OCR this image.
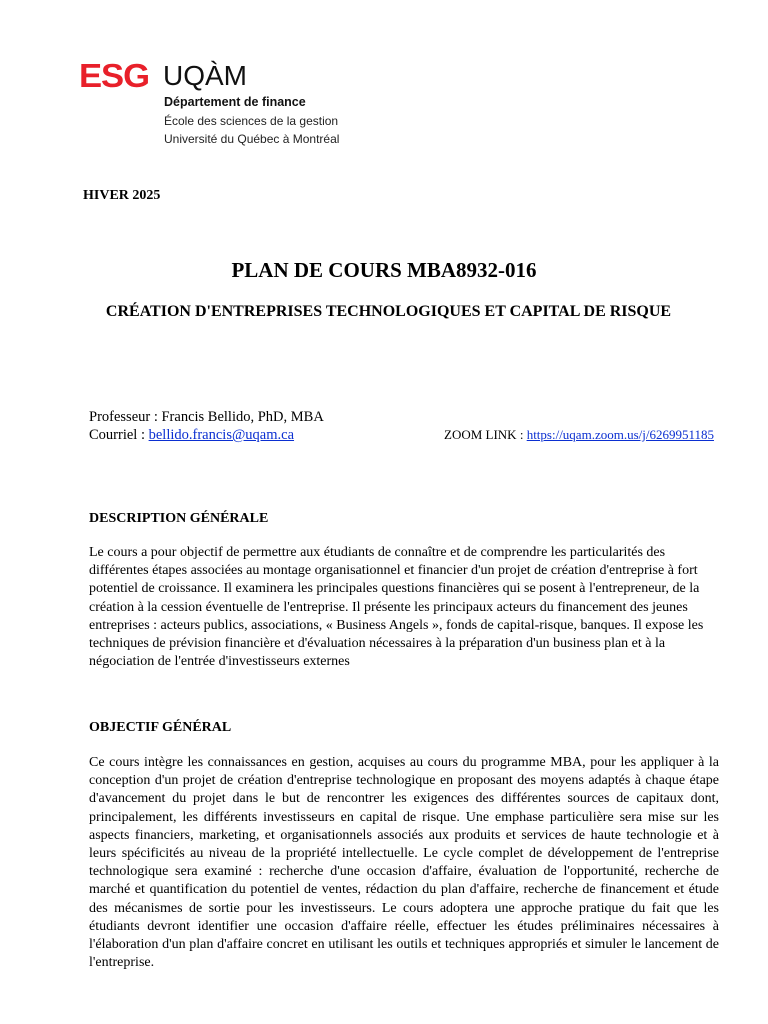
ESG UQÀM
Département de finance
École des sciences de la gestion
Université du Québec à Montréal
HIVER 2025
PLAN DE COURS MBA8932-016
CRÉATION D'ENTREPRISES TECHNOLOGIQUES ET CAPITAL DE RISQUE
Professeur : Francis Bellido, PhD, MBA
Courriel : bellido.francis@uqam.ca	ZOOM LINK : https://uqam.zoom.us/j/6269951185
DESCRIPTION GÉNÉRALE
Le cours a pour objectif de permettre aux étudiants de connaître et de comprendre les particularités des différentes étapes associées au montage organisationnel et financier d'un projet de création d'entreprise à fort potentiel de croissance. Il examinera les principales questions financières qui se posent à l'entrepreneur, de la création à la cession éventuelle de l'entreprise. Il présente les principaux acteurs du financement des jeunes entreprises : acteurs publics, associations, « Business Angels », fonds de capital-risque, banques. Il expose les techniques de prévision financière et d'évaluation nécessaires à la préparation d'un business plan et à la négociation de l'entrée d'investisseurs externes
OBJECTIF GÉNÉRAL
Ce cours intègre les connaissances en gestion, acquises au cours du programme MBA, pour les appliquer à la conception d'un projet de création d'entreprise technologique en proposant des moyens adaptés à chaque étape d'avancement du projet dans le but de rencontrer les exigences des différentes sources de capitaux dont, principalement, les différents investisseurs en capital de risque. Une emphase particulière sera mise sur les aspects financiers, marketing, et organisationnels associés aux produits et services de haute technologie et à leurs spécificités au niveau de la propriété intellectuelle. Le cycle complet de développement de l'entreprise technologique sera examiné : recherche d'une occasion d'affaire, évaluation de l'opportunité, recherche de marché et quantification du potentiel de ventes, rédaction du plan d'affaire, recherche de financement et étude des mécanismes de sortie pour les investisseurs. Le cours adoptera une approche pratique du fait que les étudiants devront identifier une occasion d'affaire réelle, effectuer les études préliminaires nécessaires à l'élaboration d'un plan d'affaire concret en utilisant les outils et techniques appropriés et simuler le lancement de l'entreprise.
